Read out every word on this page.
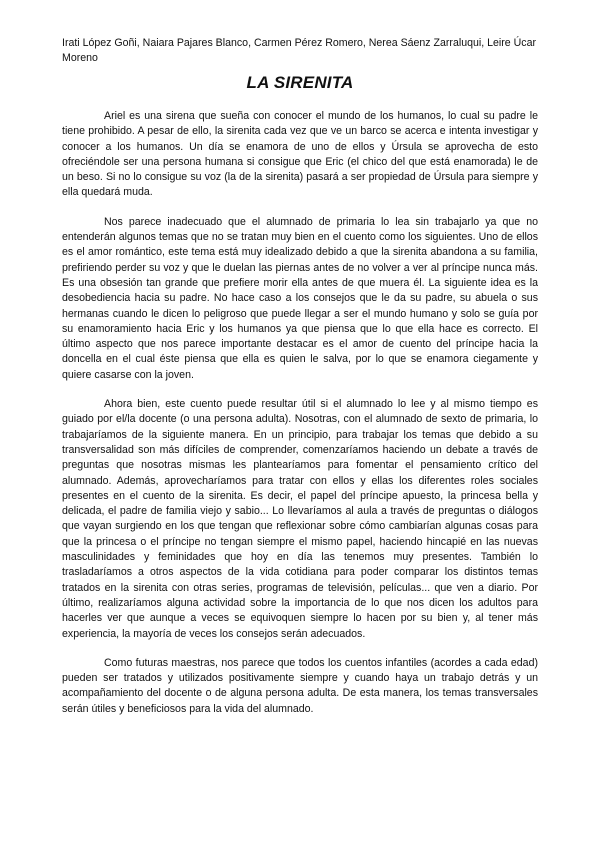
Irati López Goñi, Naiara Pajares Blanco, Carmen Pérez Romero, Nerea Sáenz Zarraluqui, Leire Úcar Moreno

LA SIRENITA

Ariel es una sirena que sueña con conocer el mundo de los humanos, lo cual su padre le tiene prohibido. A pesar de ello, la sirenita cada vez que ve un barco se acerca e intenta investigar y conocer a los humanos. Un día se enamora de uno de ellos y Úrsula se aprovecha de esto ofreciéndole ser una persona humana si consigue que Eric (el chico del que está enamorada) le de un beso. Si no lo consigue su voz (la de la sirenita) pasará a ser propiedad de Úrsula para siempre y ella quedará muda.

Nos parece inadecuado que el alumnado de primaria lo lea sin trabajarlo ya que no entenderán algunos temas que no se tratan muy bien en el cuento como los siguientes. Uno de ellos es el amor romántico, este tema está muy idealizado debido a que la sirenita abandona a su familia, prefiriendo perder su voz y que le duelan las piernas antes de no volver a ver al príncipe nunca más. Es una obsesión tan grande que prefiere morir ella antes de que muera él. La siguiente idea es la desobediencia hacia su padre. No hace caso a los consejos que le da su padre, su abuela o sus hermanas cuando le dicen lo peligroso que puede llegar a ser el mundo humano y solo se guía por su enamoramiento hacia Eric y los humanos ya que piensa que lo que ella hace es correcto. El último aspecto que nos parece importante destacar es el amor de cuento del príncipe hacia la doncella en el cual éste piensa que ella es quien le salva, por lo que se enamora ciegamente y quiere casarse con la joven.

Ahora bien, este cuento puede resultar útil si el alumnado lo lee y al mismo tiempo es guiado por el/la docente (o una persona adulta). Nosotras, con el alumnado de sexto de primaria, lo trabajaríamos de la siguiente manera. En un principio, para trabajar los temas que debido a su transversalidad son más difíciles de comprender, comenzaríamos haciendo un debate a través de preguntas que nosotras mismas les plantearíamos para fomentar el pensamiento crítico del alumnado. Además, aprovecharíamos para tratar con ellos y ellas los diferentes roles sociales presentes en el cuento de la sirenita. Es decir, el papel del príncipe apuesto, la princesa bella y delicada, el padre de familia viejo y sabio... Lo llevaríamos al aula a través de preguntas o diálogos que vayan surgiendo en los que tengan que reflexionar sobre cómo cambiarían algunas cosas para que la princesa o el príncipe no tengan siempre el mismo papel, haciendo hincapié en las nuevas masculinidades y feminidades que hoy en día las tenemos muy presentes. También lo trasladaríamos a otros aspectos de la vida cotidiana para poder comparar los distintos temas tratados en la sirenita con otras series, programas de televisión, películas... que ven a diario. Por último, realizaríamos alguna actividad sobre la importancia de lo que nos dicen los adultos para hacerles ver que aunque a veces se equivoquen siempre lo hacen por su bien y, al tener más experiencia, la mayoría de veces los consejos serán adecuados.

Como futuras maestras, nos parece que todos los cuentos infantiles (acordes a cada edad) pueden ser tratados y utilizados positivamente siempre y cuando haya un trabajo detrás y un acompañamiento del docente o de alguna persona adulta. De esta manera, los temas transversales serán útiles y beneficiosos para la vida del alumnado.
